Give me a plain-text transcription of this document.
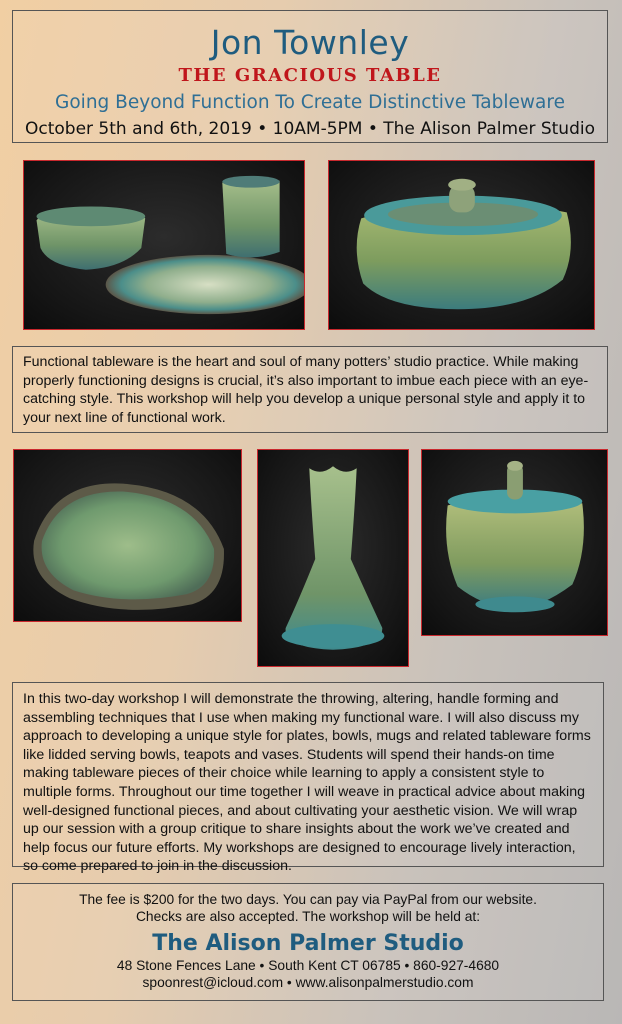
Jon Townley
THE GRACIOUS TABLE
Going Beyond Function To Create Distinctive Tableware
October 5th and 6th, 2019 • 10AM-5PM • The Alison Palmer Studio

Functional tableware is the heart and soul of many potters’ studio practice. While making properly functioning designs is crucial, it’s also important to imbue each piece with an eye-catching style. This workshop will help you develop a unique personal style and apply it to your next line of functional work.

In this two-day workshop I will demonstrate the throwing, altering, handle forming and assembling techniques that I use when making my functional ware. I will also discuss my approach to developing a unique style for plates, bowls, mugs and related tableware forms like lidded serving bowls, teapots and vases. Students will spend their hands-on time making tableware pieces of their choice while learning to apply a consistent style to multiple forms. Throughout our time together I will weave in practical advice about making well-designed functional pieces, and about cultivating your aesthetic vision. We will wrap up our session with a group critique to share insights about the work we’ve created and help focus our future efforts. My workshops are designed to encourage lively interaction, so come prepared to join in the discussion.

The fee is $200 for the two days. You can pay via PayPal from our website.
Checks are also accepted. The workshop will be held at:
The Alison Palmer Studio
48 Stone Fences Lane • South Kent CT 06785 • 860-927-4680
spoonrest@icloud.com • www.alisonpalmerstudio.com
